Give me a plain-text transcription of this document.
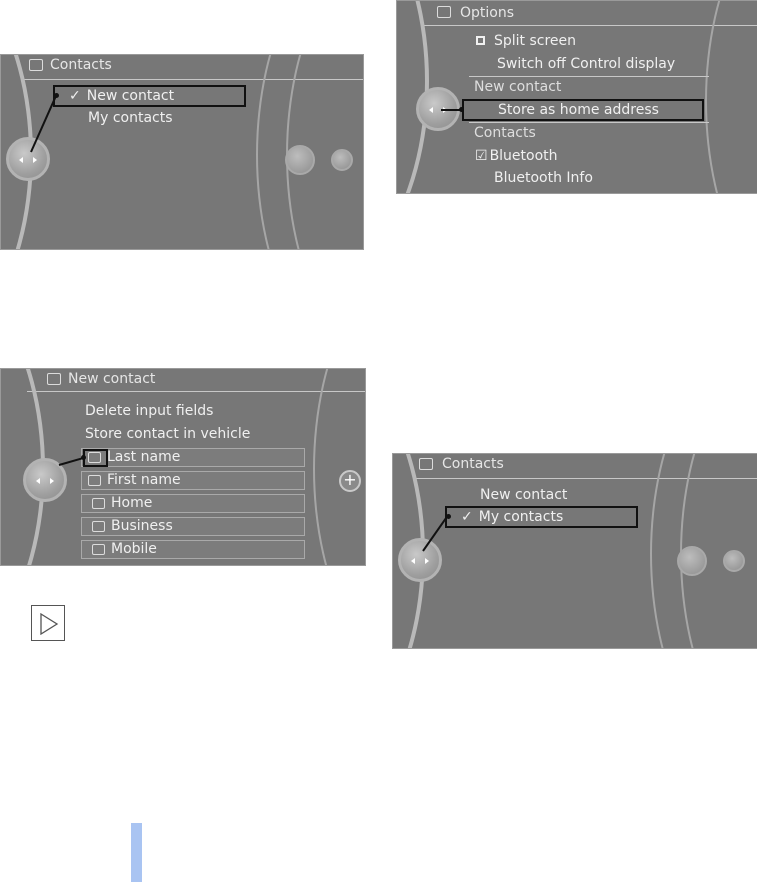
Contacts
✓ New contact
My contacts
Options
Split screen
Switch off Control display
New contact
Store as home address
Contacts
☑ Bluetooth
Bluetooth Info
New contact
+
Delete input fields
Store contact in vehicle
Last name
First name
Home
Business
Mobile
Contacts
New contact
✓ My contacts
